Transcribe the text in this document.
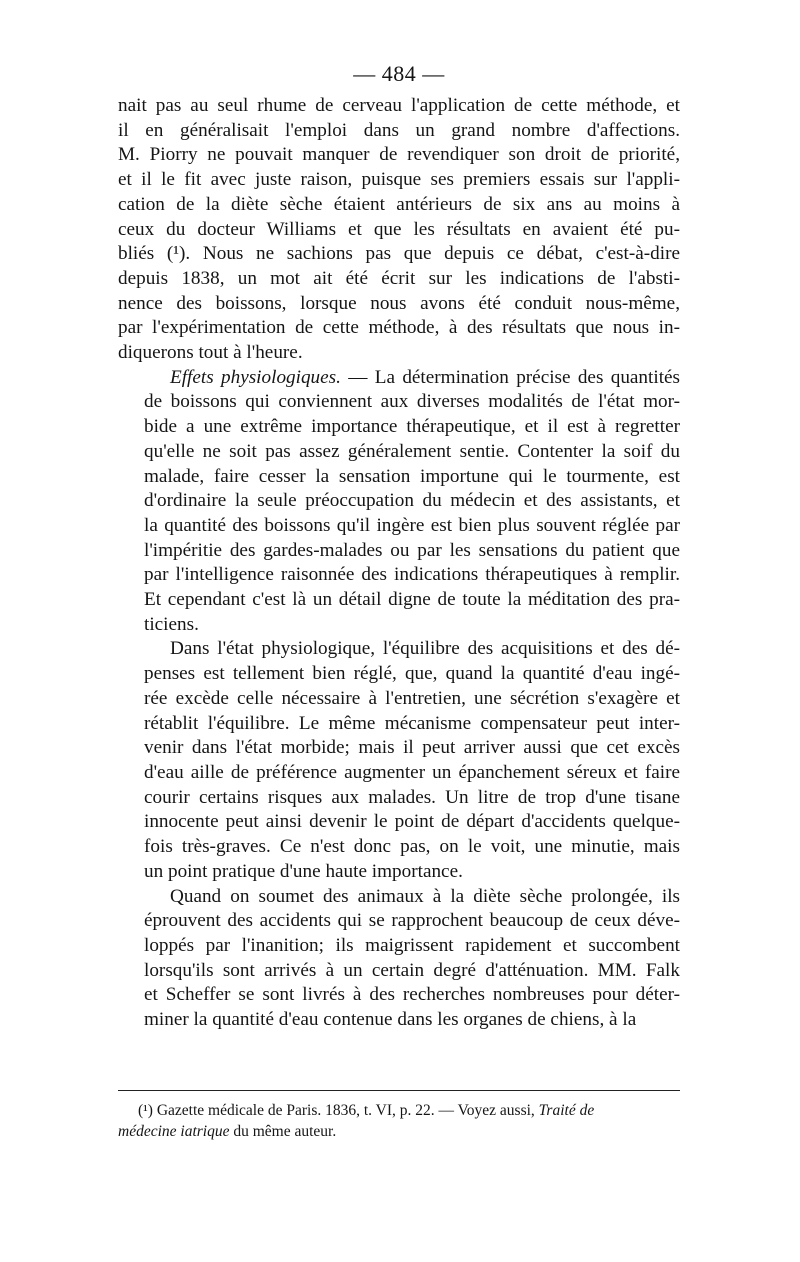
— 484 —
nait pas au seul rhume de cerveau l'application de cette méthode, et
il en généralisait l'emploi dans un grand nombre d'affections.
M. Piorry ne pouvait manquer de revendiquer son droit de priorité,
et il le fit avec juste raison, puisque ses premiers essais sur l'appli-
cation de la diète sèche étaient antérieurs de six ans au moins à
ceux du docteur Williams et que les résultats en avaient été pu-
bliés (¹). Nous ne sachions pas que depuis ce débat, c'est-à-dire
depuis 1838, un mot ait été écrit sur les indications de l'absti-
nence des boissons, lorsque nous avons été conduit nous-même,
par l'expérimentation de cette méthode, à des résultats que nous in-
diquerons tout à l'heure.
Effets physiologiques. — La détermination précise des quantités
de boissons qui conviennent aux diverses modalités de l'état mor-
bide a une extrême importance thérapeutique, et il est à regretter
qu'elle ne soit pas assez généralement sentie. Contenter la soif du
malade, faire cesser la sensation importune qui le tourmente, est
d'ordinaire la seule préoccupation du médecin et des assistants, et
la quantité des boissons qu'il ingère est bien plus souvent réglée par
l'impéritie des gardes-malades ou par les sensations du patient que
par l'intelligence raisonnée des indications thérapeutiques à remplir.
Et cependant c'est là un détail digne de toute la méditation des pra-
ticiens.
Dans l'état physiologique, l'équilibre des acquisitions et des dé-
penses est tellement bien réglé, que, quand la quantité d'eau ingé-
rée excède celle nécessaire à l'entretien, une sécrétion s'exagère et
rétablit l'équilibre. Le même mécanisme compensateur peut inter-
venir dans l'état morbide; mais il peut arriver aussi que cet excès
d'eau aille de préférence augmenter un épanchement séreux et faire
courir certains risques aux malades. Un litre de trop d'une tisane
innocente peut ainsi devenir le point de départ d'accidents quelque-
fois très-graves. Ce n'est donc pas, on le voit, une minutie, mais
un point pratique d'une haute importance.
Quand on soumet des animaux à la diète sèche prolongée, ils
éprouvent des accidents qui se rapprochent beaucoup de ceux déve-
loppés par l'inanition; ils maigrissent rapidement et succombent
lorsqu'ils sont arrivés à un certain degré d'atténuation. MM. Falk
et Scheffer se sont livrés à des recherches nombreuses pour déter-
miner la quantité d'eau contenue dans les organes de chiens, à la
(¹) Gazette médicale de Paris. 1836, t. VI, p. 22. — Voyez aussi, Traité de
médecine iatrique du même auteur.
